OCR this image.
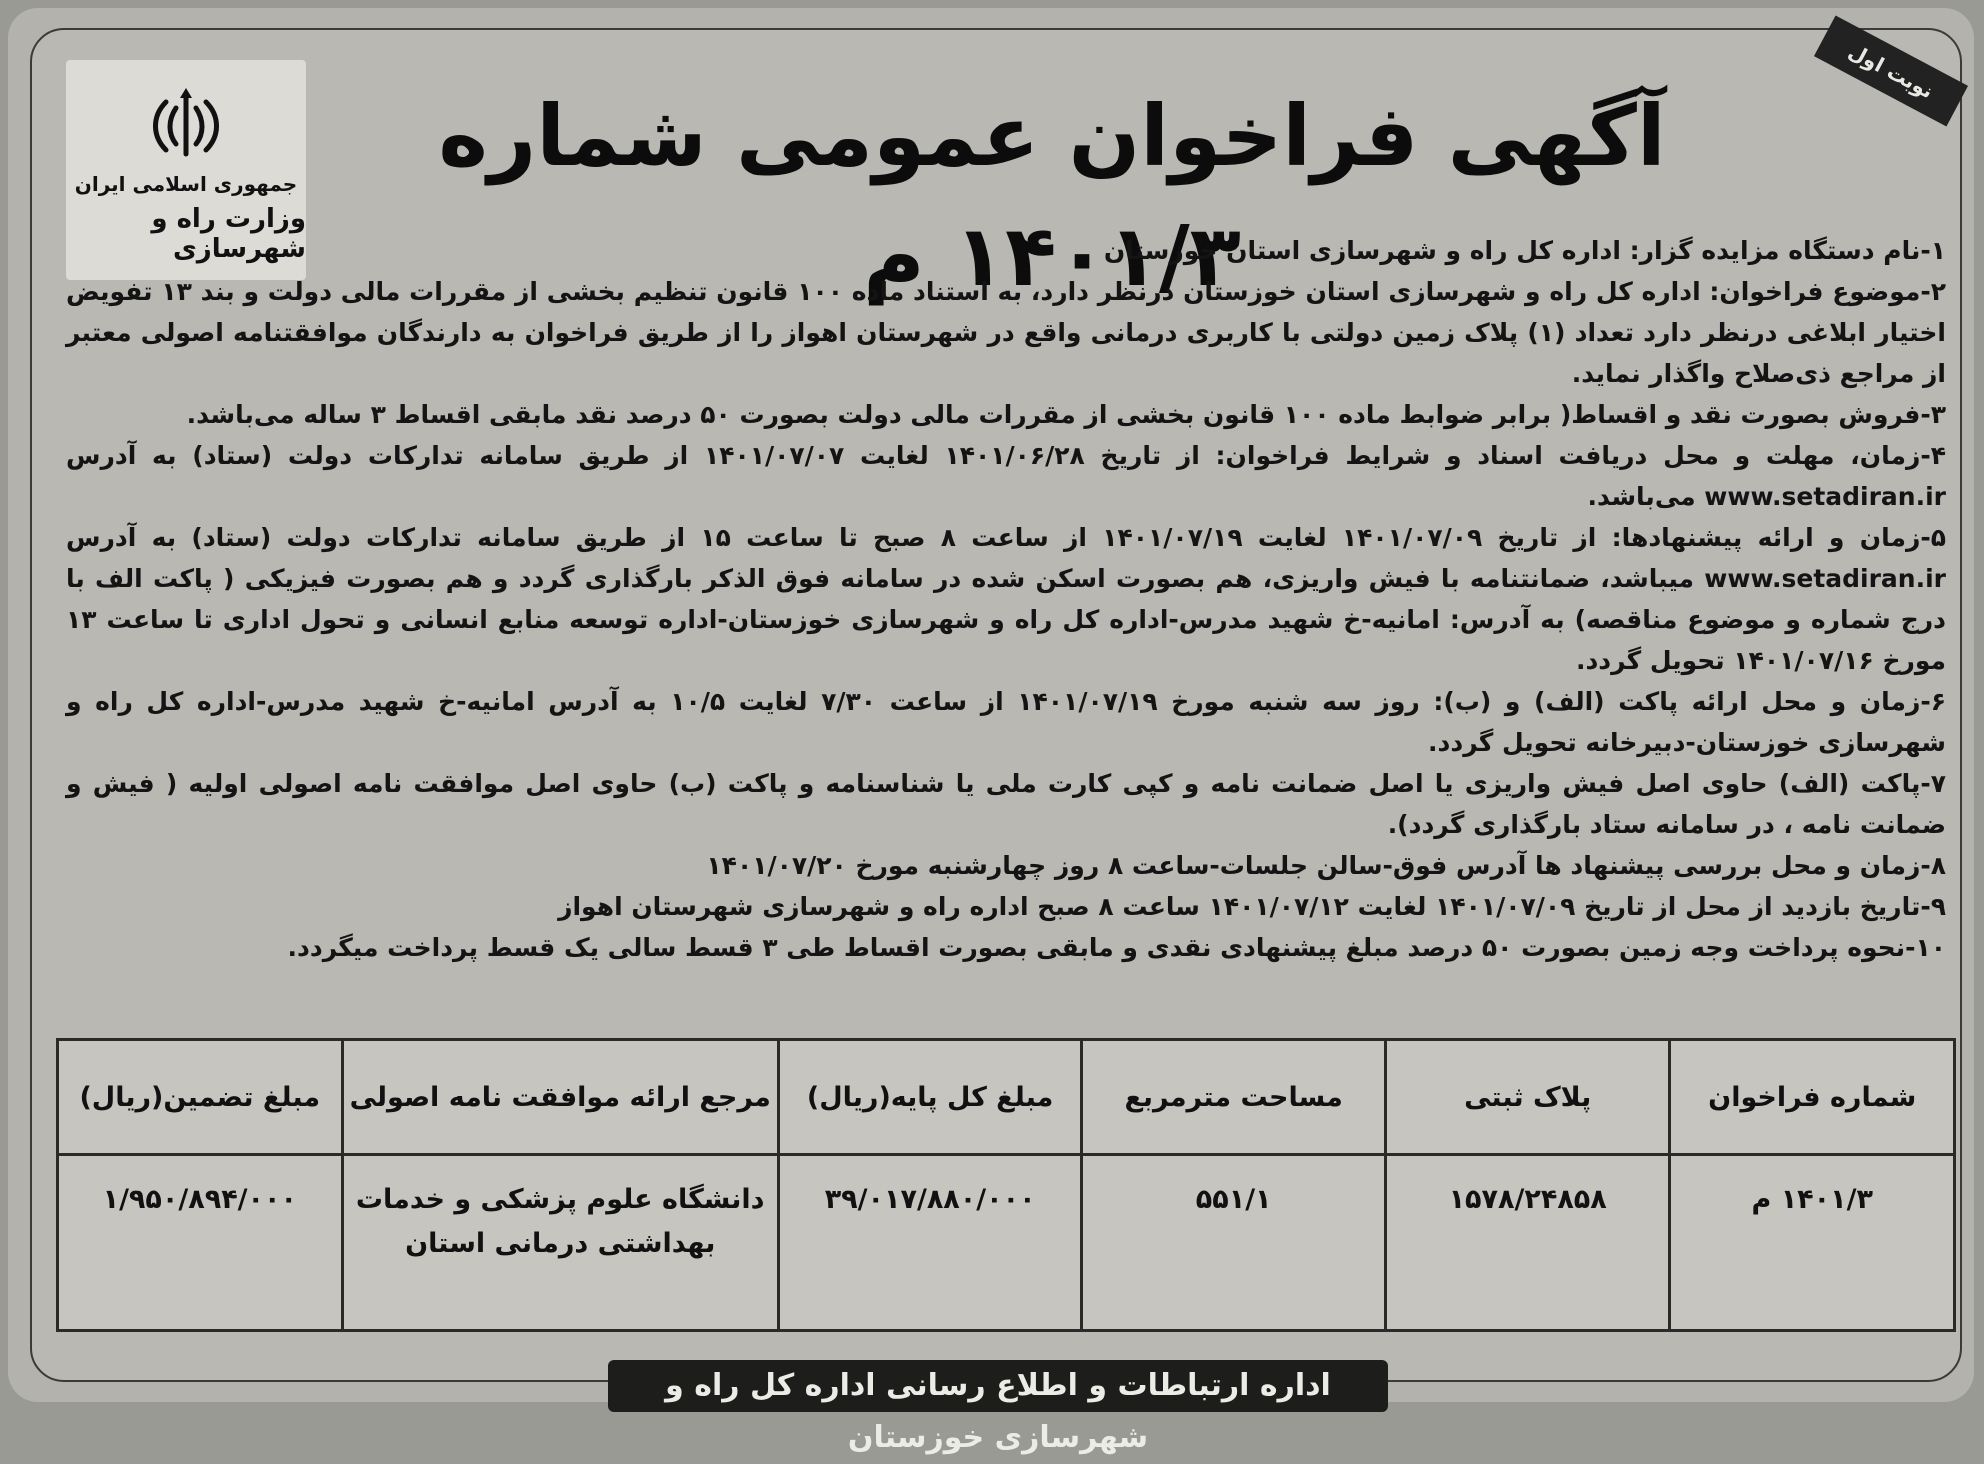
نوبت اول
جمهوری اسلامی ایران
وزارت راه و شهرسازی
آگهی فراخوان عمومی شماره ۱۴۰۱/۳ م

۱-نام دستگاه مزایده گزار: اداره کل راه و شهرسازی استان خوزستان

۲-موضوع فراخوان: اداره کل راه و شهرسازی استان خوزستان درنظر دارد، به استناد ماده ۱۰۰ قانون تنظیم بخشی از مقررات مالی دولت و بند ۱۳ تفویض اختیار ابلاغی درنظر دارد تعداد (۱) پلاک زمین دولتی با کاربری درمانی واقع در شهرستان اهواز را از طریق فراخوان به دارندگان موافقتنامه اصولی معتبر از مراجع ذی‌صلاح واگذار نماید.

۳-فروش بصورت نقد و اقساط( برابر ضوابط ماده ۱۰۰ قانون بخشی از مقررات مالی دولت بصورت ۵۰ درصد نقد مابقی اقساط ۳ ساله می‌باشد.

۴-زمان، مهلت و محل دریافت اسناد و شرایط فراخوان: از تاریخ ۱۴۰۱/۰۶/۲۸ لغایت ۱۴۰۱/۰۷/۰۷ از طریق سامانه تدارکات دولت (ستاد) به آدرس www.setadiran.ir می‌باشد.

۵-زمان و ارائه پیشنهادها: از تاریخ ۱۴۰۱/۰۷/۰۹ لغایت ۱۴۰۱/۰۷/۱۹ از ساعت ۸ صبح تا ساعت ۱۵ از طریق سامانه تدارکات دولت (ستاد) به آدرس www.setadiran.ir میباشد، ضمانتنامه با فیش واریزی، هم بصورت اسکن شده در سامانه فوق الذکر بارگذاری گردد و هم بصورت فیزیکی ( پاکت الف با درج شماره و موضوع مناقصه) به آدرس: امانیه-خ شهید مدرس-اداره کل راه و شهرسازی خوزستان-اداره توسعه منابع انسانی و تحول اداری تا ساعت ۱۳ مورخ ۱۴۰۱/۰۷/۱۶ تحویل گردد.

۶-زمان و محل ارائه پاکت (الف) و (ب): روز سه شنبه مورخ ۱۴۰۱/۰۷/۱۹ از ساعت ۷/۳۰ لغایت ۱۰/۵ به آدرس امانیه-خ شهید مدرس-اداره کل راه و شهرسازی خوزستان-دبیرخانه تحویل گردد.

۷-پاکت (الف) حاوی اصل فیش واریزی یا اصل ضمانت نامه و کپی کارت ملی یا شناسنامه و پاکت (ب) حاوی اصل موافقت نامه اصولی اولیه ( فیش و ضمانت نامه ، در سامانه ستاد بارگذاری گردد).

۸-زمان و محل بررسی پیشنهاد ها آدرس فوق-سالن جلسات-ساعت ۸ روز چهارشنبه مورخ ۱۴۰۱/۰۷/۲۰

۹-تاریخ بازدید از محل از تاریخ ۱۴۰۱/۰۷/۰۹ لغایت ۱۴۰۱/۰۷/۱۲ ساعت ۸ صبح اداره راه و شهرسازی شهرستان اهواز

۱۰-نحوه پرداخت وجه زمین بصورت ۵۰ درصد مبلغ پیشنهادی نقدی و مابقی بصورت اقساط طی ۳ قسط سالی یک قسط پرداخت میگردد.

شماره فراخوان	پلاک ثبتی	مساحت مترمربع	مبلغ کل پایه(ریال)	مرجع ارائه موافقت نامه اصولی	مبلغ تضمین(ریال)
۱۴۰۱/۳ م	۱۵۷۸/۲۴۸۵۸	۵۵۱/۱	۳۹/۰۱۷/۸۸۰/۰۰۰	دانشگاه علوم پزشکی و خدمات بهداشتی درمانی استان	۱/۹۵۰/۸۹۴/۰۰۰
اداره ارتباطات و اطلاع رسانی اداره کل راه و شهرسازی خوزستان
